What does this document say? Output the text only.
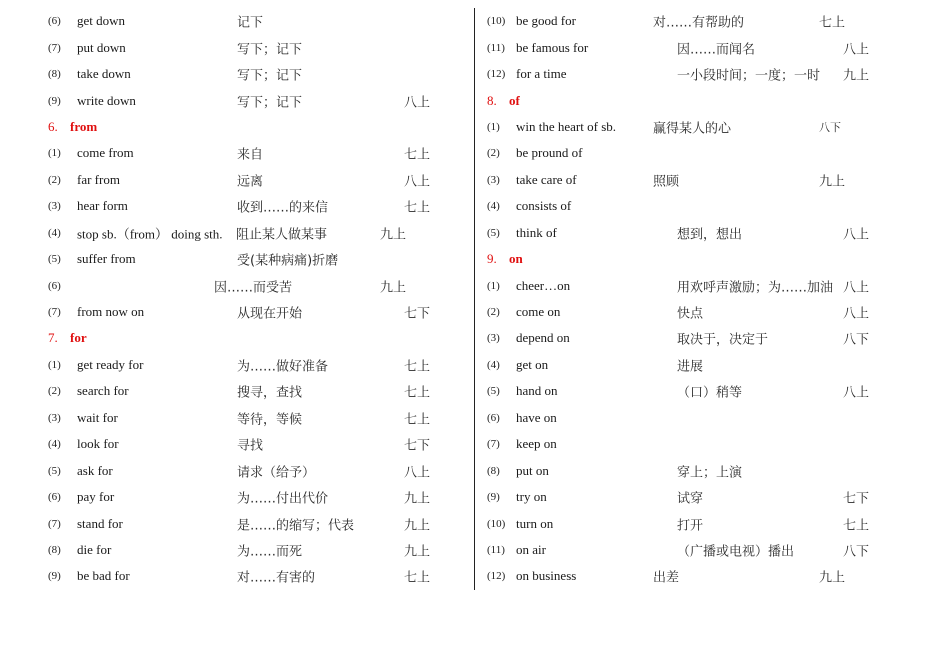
(6) get down	记下
(7) put down	写下；记下
(8) take down	写下；记下
(9) write down	写下；记下	八上
6. from
(1) come from	来自	七上
(2) far from	远离	八上
(3) hear form	收到……的来信	七上
(4) stop sb.（from） doing sth. 阻止某人做某事	九上
(5) suffer from	受(某种病痛)折磨
(6)	因……而受苦	九上
(7) from now on	从现在开始	七下
7. for
(1) get ready for	为……做好准备	七上
(2) search for	搜寻，查找	七上
(3) wait for	等待，等候	七上
(4) look for	寻找	七下
(5) ask for	请求（给予）	八上
(6) pay for	为……付出代价	九上
(7) stand for	是……的缩写；代表	九上
(8) die for	为……而死	九上
(9) be bad for	对……有害的	七上
(10) be good for	对……有帮助的	七上
(11) be famous for	因……而闻名	八上
(12) for a time	一小段时间；一度；一时 九上
8. of
(1) win the heart of sb.	赢得某人的心	八下
(2) be pround of
(3) take care of	照顾	九上
(4) consists of
(5) think of	想到，想出	八上
9. on
(1) cheer…on	用欢呼声激励；为……加油 八上
(2) come on	快点	八上
(3) depend on	取决于，决定于	八下
(4) get on	进展
(5) hand on	（口）稍等	八上
(6) have on
(7) keep on
(8) put on	穿上；上演
(9) try on	试穿	七下
(10) turn on	打开	七上
(11) on air	（广播或电视）播出	八下
(12) on business	出差	九上
